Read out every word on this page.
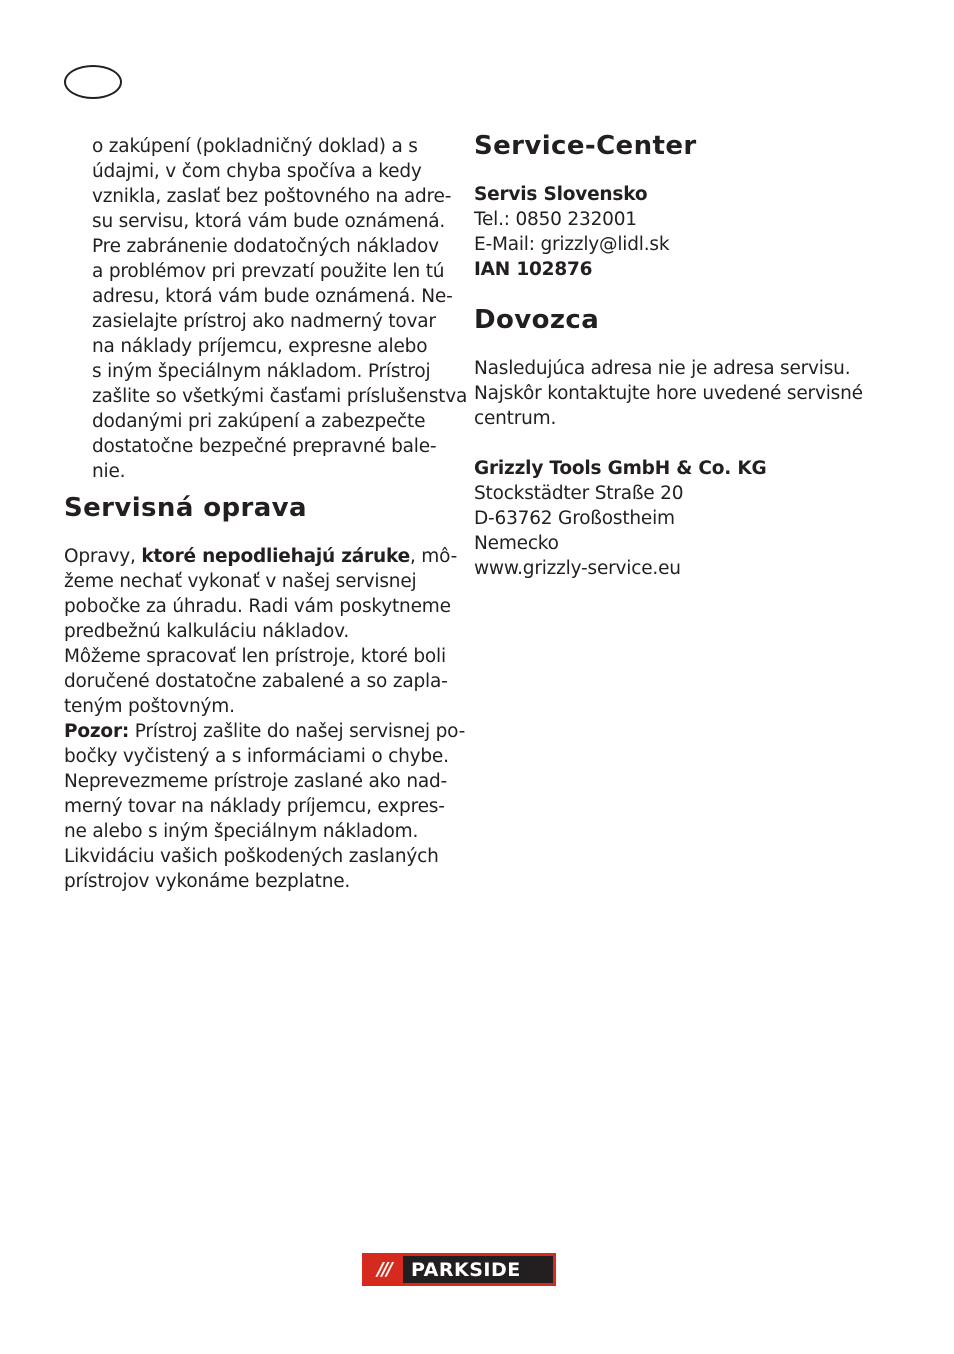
o zakúpení (pokladničný doklad) a s
údajmi, v čom chyba spočíva a kedy
vznikla, zaslať bez poštovného na adre-
su servisu, ktorá vám bude oznámená.
Pre zabránenie dodatočných nákladov
a problémov pri prevzatí použite len tú
adresu, ktorá vám bude oznámená. Ne-
zasielajte prístroj ako nadmerný tovar
na náklady príjemcu, expresne alebo
s iným špeciálnym nákladom. Prístroj
zašlite so všetkými časťami príslušenstva
dodanými pri zakúpení a zabezpečte
dostatočne bezpečné prepravné bale-
nie.
Servisná oprava
Opravy, ktoré nepodliehajú záruke, mô-
žeme nechať vykonať v našej servisnej
pobočke za úhradu. Radi vám poskytneme
predbežnú kalkuláciu nákladov.
Môžeme spracovať len prístroje, ktoré boli
doručené dostatočne zabalené a so zapla-
teným poštovným.
Pozor: Prístroj zašlite do našej servisnej po-
bočky vyčistený a s informáciami o chybe.
Neprevezmeme prístroje zaslané ako nad-
merný tovar na náklady príjemcu, expres-
ne alebo s iným špeciálnym nákladom.
Likvidáciu vašich poškodených zaslaných
prístrojov vykonáme bezplatne.
Service-Center
Servis Slovensko
Tel.: 0850 232001
E-Mail: grizzly@lidl.sk
IAN 102876
Dovozca
Nasledujúca adresa nie je adresa servisu.
Najskôr kontaktujte hore uvedené servisné
centrum.
Grizzly Tools GmbH & Co. KG
Stockstädter Straße 20
D-63762 Großostheim
Nemecko
www.grizzly-service.eu
///	PARKSIDE
